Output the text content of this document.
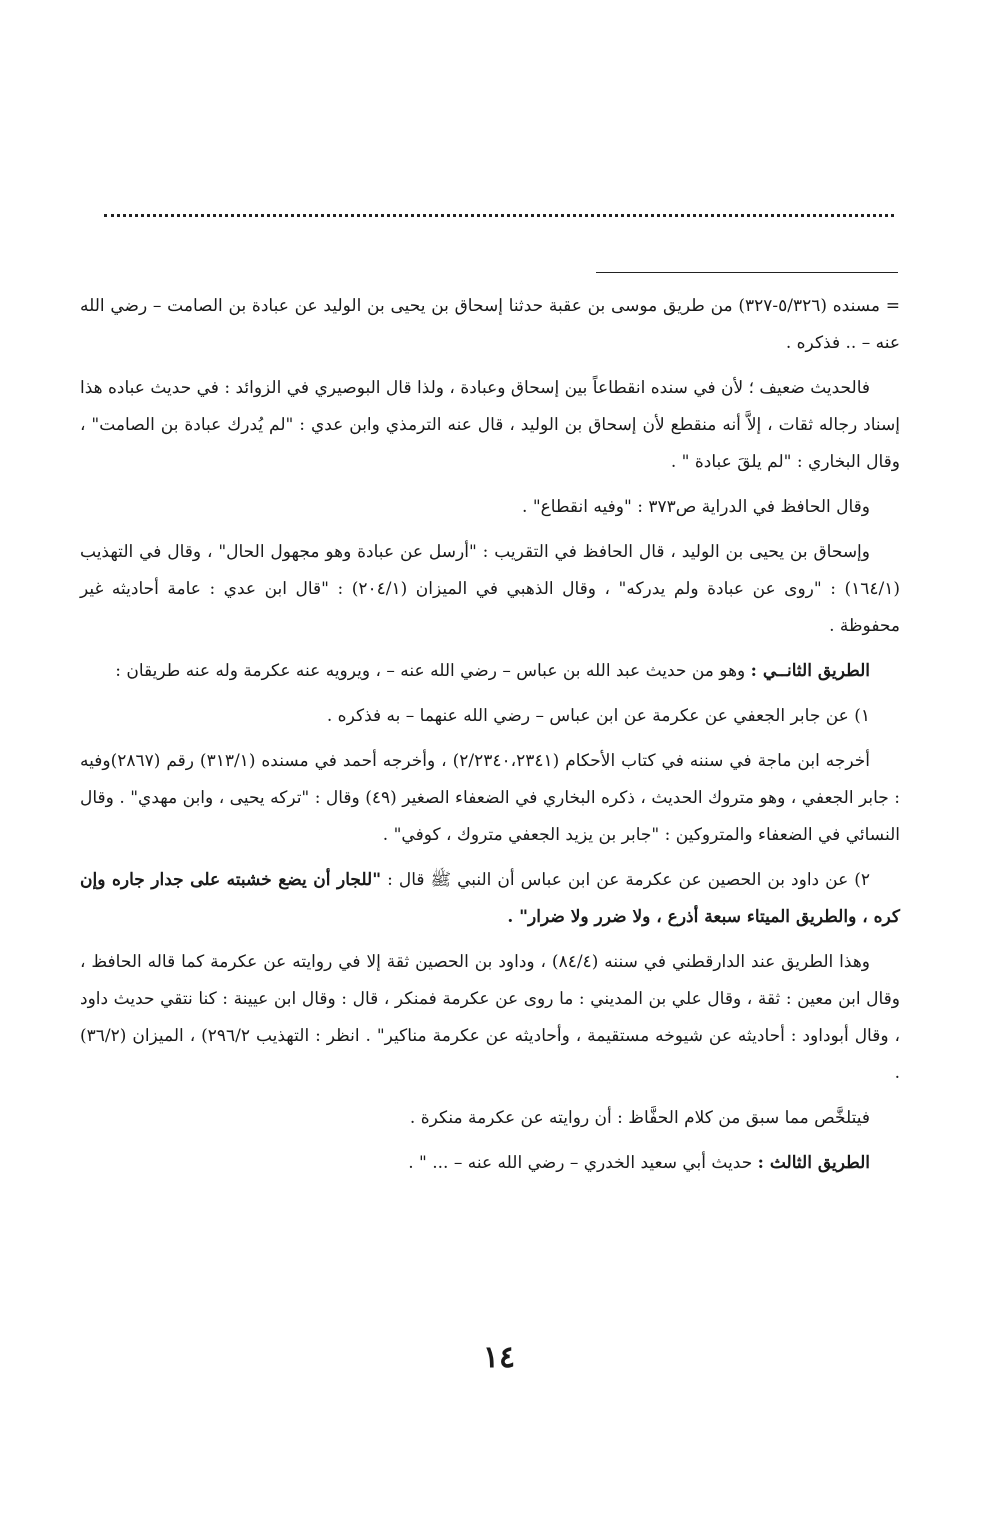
= مسنده (٥/٣٢٦-٣٢٧) من طريق موسى بن عقبة حدثنا إسحاق بن يحيى بن الوليد عن عبادة بن الصامت – رضي الله عنه – .. فذكره .

فالحديث ضعيف ؛ لأن في سنده انقطاعاً بين إسحاق وعبادة ، ولذا قال البوصيري في الزوائد : في حديث عباده هذا إسناد رجاله ثقات ، إلاَّ أنه منقطع لأن إسحاق بن الوليد ، قال عنه الترمذي وابن عدي : "لم يُدرك عبادة بن الصامت" ، وقال البخاري : "لم يلقَ عبادة " .

وقال الحافظ في الدراية ص٣٧٣ : "وفيه انقطاع" .

وإسحاق بن يحيى بن الوليد ، قال الحافظ في التقريب : "أرسل عن عبادة وهو مجهول الحال" ، وقال في التهذيب (١٦٤/١) : "روى عن عبادة ولم يدركه" ، وقال الذهبي في الميزان (٢٠٤/١) : "قال ابن عدي : عامة أحاديثه غير محفوظة .

الطريق الثانــي : وهو من حديث عبد الله بن عباس – رضي الله عنه – ، ويرويه عنه عكرمة وله عنه طريقان :

١) عن جابر الجعفي عن عكرمة عن ابن عباس – رضي الله عنهما – به فذكره .

أخرجه ابن ماجة في سننه في كتاب الأحكام (٢/٢٣٤٠،٢٣٤١) ، وأخرجه أحمد في مسنده (٣١٣/١) رقم (٢٨٦٧)وفيه : جابر الجعفي ، وهو متروك الحديث ، ذكره البخاري في الضعفاء الصغير (٤٩) وقال : "تركه يحيى ، وابن مهدي" . وقال النسائي في الضعفاء والمتروكين : "جابر بن يزيد الجعفي متروك ، كوفي" .

٢) عن داود بن الحصين عن عكرمة عن ابن عباس أن النبي ﷺ قال : "للجار أن يضع خشبته على جدار جاره وإن كره ، والطريق الميتاء سبعة أذرع ، ولا ضرر ولا ضرار" .

وهذا الطريق عند الدارقطني في سننه (٨٤/٤) ، وداود بن الحصين ثقة إلا في روايته عن عكرمة كما قاله الحافظ ، وقال ابن معين : ثقة ، وقال علي بن المديني : ما روى عن عكرمة فمنكر ، قال : وقال ابن عيينة : كنا نتقي حديث داود ، وقال أبوداود : أحاديثه عن شيوخه مستقيمة ، وأحاديثه عن عكرمة مناكير" . انظر : التهذيب ٢٩٦/٢) ، الميزان (٣٦/٢) .

فيتلخَّص مما سبق من كلام الحفَّاظ : أن روايته عن عكرمة منكرة .

الطريق الثالث : حديث أبي سعيد الخدري – رضي الله عنه – ... " .

١٤
